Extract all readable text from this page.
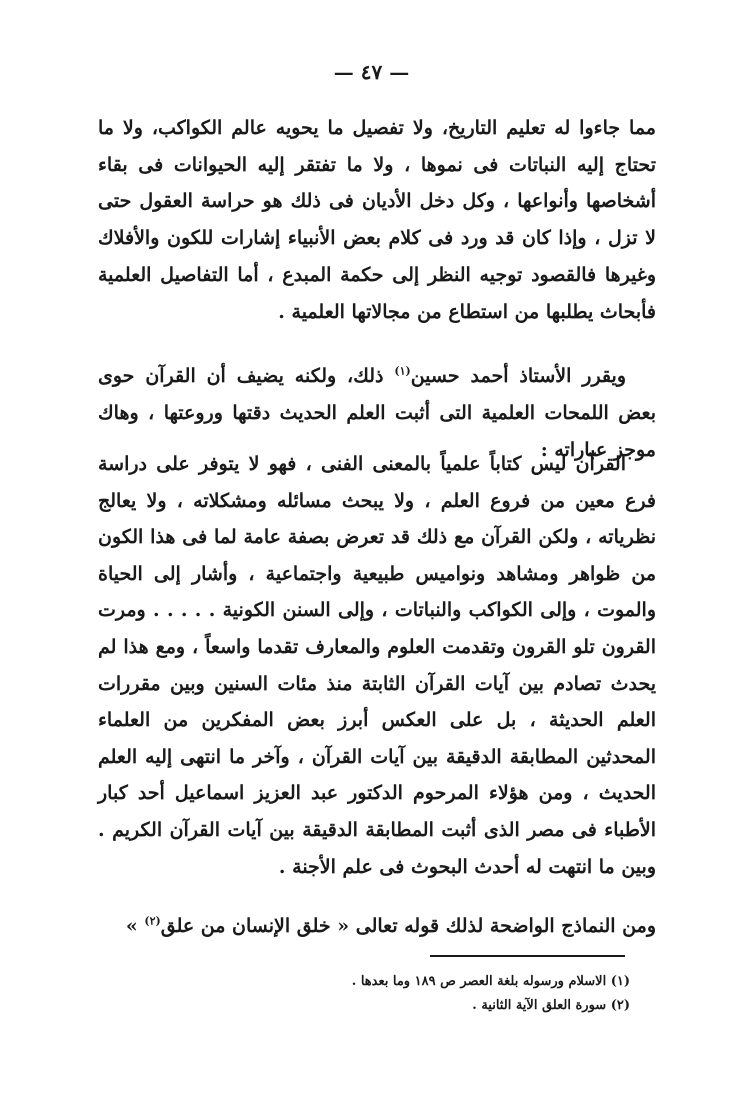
— ٤٧ —

مما جاءوا له تعليم التاريخ، ولا تفصيل ما يحويه عالم الكواكب، ولا ما تحتاج إليه النباتات فى نموها ، ولا ما تفتقر إليه الحيوانات فى بقاء أشخاصها وأنواعها ، وكل دخل الأديان فى ذلك هو حراسة العقول حتى لا تزل ، وإذا كان قد ورد فى كلام بعض الأنبياء إشارات للكون والأفلاك وغيرها فالقصود توجيه النظر إلى حكمة المبدع ، أما التفاصيل العلمية فأبحاث يطلبها من استطاع من مجالاتها العلمية .

ويقرر الأستاذ أحمد حسين$^{(١)}$ ذلك، ولكنه يضيف أن القرآن حوى بعض اللمحات العلمية التى أثبت العلم الحديث دقتها وروعتها ، وهاك موجز عباراته :

القرآن ليس كتاباً علمياً بالمعنى الفنى ، فهو لا يتوفر على دراسة فرع معين من فروع العلم ، ولا يبحث مسائله ومشكلاته ، ولا يعالج نظرياته ، ولكن القرآن مع ذلك قد تعرض بصفة عامة لما فى هذا الكون من ظواهر ومشاهد ونواميس طبيعية واجتماعية ، وأشار إلى الحياة والموت ، وإلى الكواكب والنباتات ، وإلى السنن الكونية . . . . . ومرت القرون تلو القرون وتقدمت العلوم والمعارف تقدما واسعاً ، ومع هذا لم يحدث تصادم بين آيات القرآن الثابتة منذ مئات السنين وبين مقررات العلم الحديثة ، بل على العكس أبرز بعض المفكرين من العلماء المحدثين المطابقة الدقيقة بين آيات القرآن ، وآخر ما انتهى إليه العلم الحديث ، ومن هؤلاء المرحوم الدكتور عبد العزيز اسماعيل أحد كبار الأطباء فى مصر الذى أثبت المطابقة الدقيقة بين آيات القرآن الكريم . وبين ما انتهت له أحدث البحوث فى علم الأجنة .

ومن النماذج الواضحة لذلك قوله تعالى « خلق الإنسان من علق$^{(٢)}$ »

(١) الاسلام ورسوله بلغة العصر ص ١٨٩ وما بعدها .
(٢) سورة العلق الآية الثانية .
